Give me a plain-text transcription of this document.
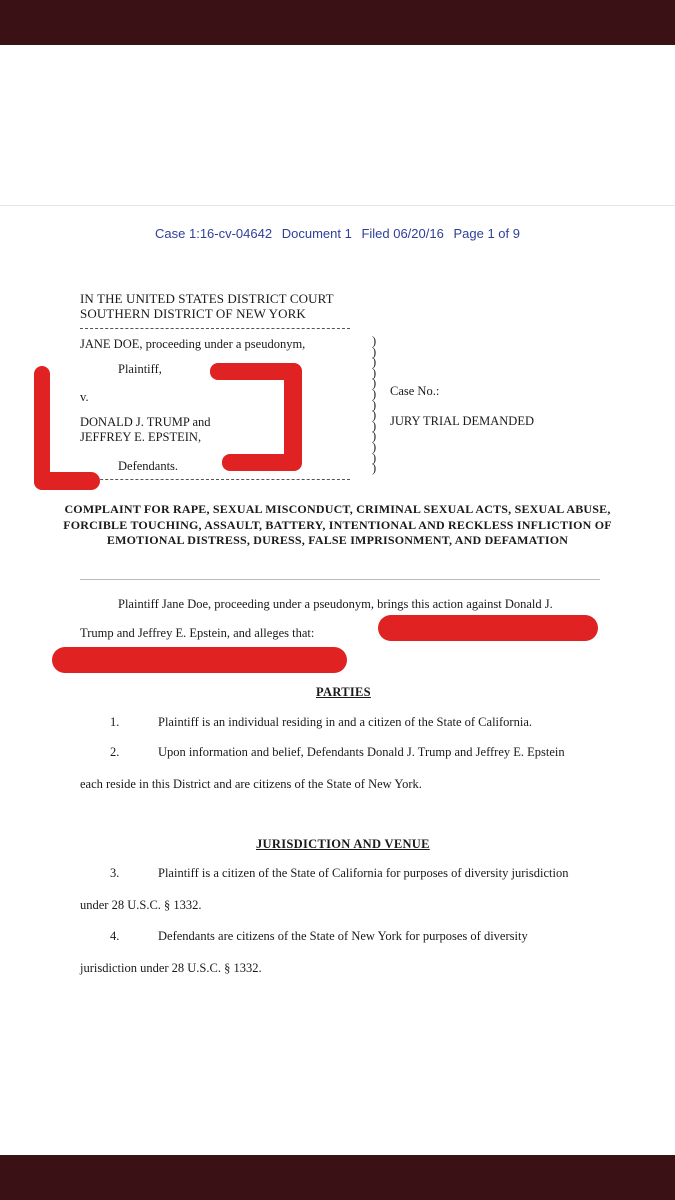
Case 1:16-cv-04642 Document 1 Filed 06/20/16 Page 1 of 9
IN THE UNITED STATES DISTRICT COURT
SOUTHERN DISTRICT OF NEW YORK
JANE DOE, proceeding under a pseudonym,
Plaintiff,
v.
DONALD J. TRUMP and
JEFFREY E. EPSTEIN,
Defendants.
)
)
)
)
)
)
)
)
)
)
)
)
)
Case No.:
JURY TRIAL DEMANDED
COMPLAINT FOR RAPE, SEXUAL MISCONDUCT, CRIMINAL SEXUAL ACTS, SEXUAL ABUSE, FORCIBLE TOUCHING, ASSAULT, BATTERY, INTENTIONAL AND RECKLESS INFLICTION OF EMOTIONAL DISTRESS, DURESS, FALSE IMPRISONMENT, AND DEFAMATION
Plaintiff Jane Doe, proceeding under a pseudonym, brings this action against Donald J.
Trump and Jeffrey E. Epstein, and alleges that:
PARTIES
1.	Plaintiff is an individual residing in and a citizen of the State of California.
2.	Upon information and belief, Defendants Donald J. Trump and Jeffrey E. Epstein
each reside in this District and are citizens of the State of New York.
JURISDICTION AND VENUE
3.	Plaintiff is a citizen of the State of California for purposes of diversity jurisdiction
under 28 U.S.C. § 1332.
4.	Defendants are citizens of the State of New York for purposes of diversity
jurisdiction under 28 U.S.C. § 1332.
